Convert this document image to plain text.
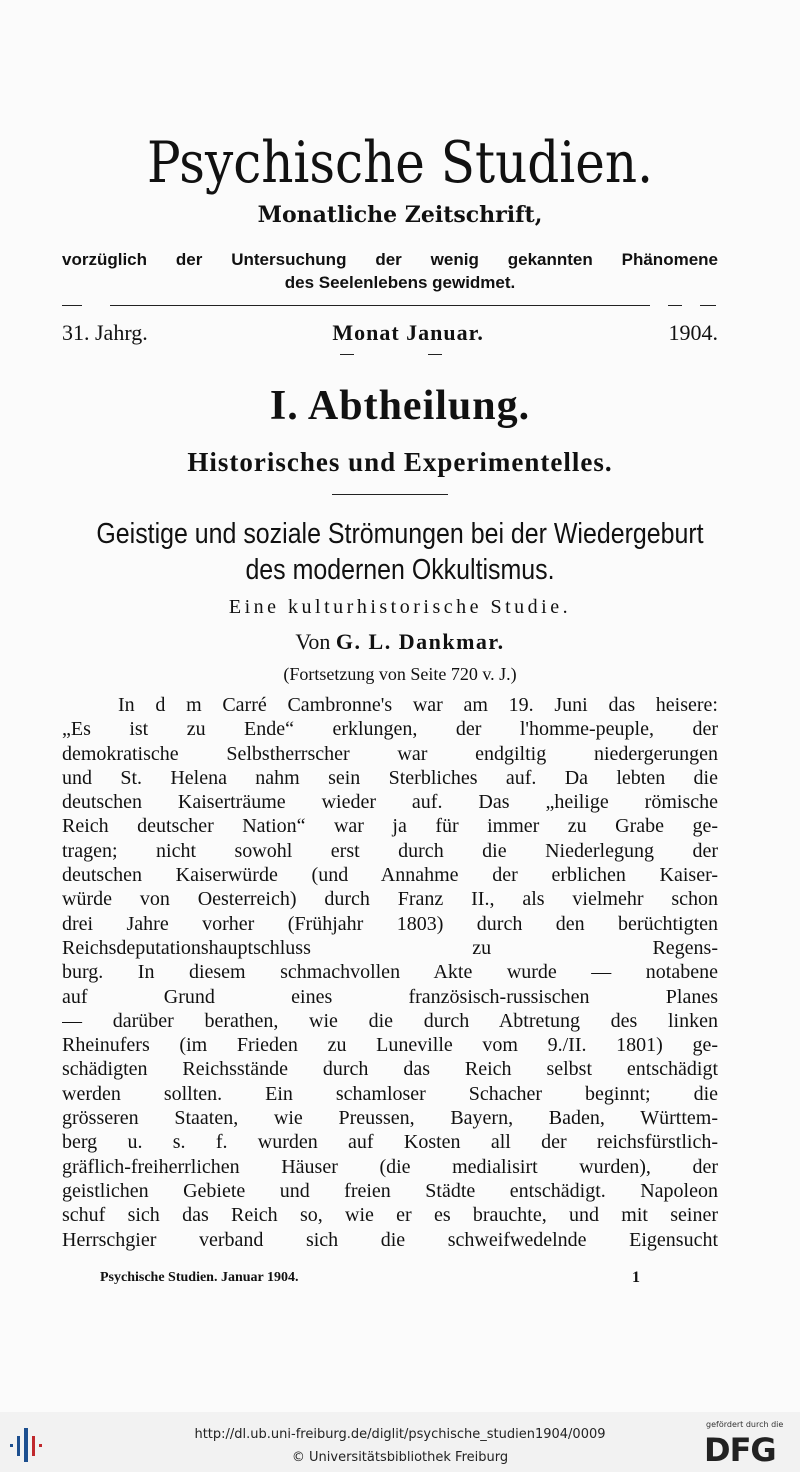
Psychische Studien.
Monatliche Zeitschrift,
vorzüglich der Untersuchung der wenig gekannten Phänomene
des Seelenlebens gewidmet.
31. Jahrg.	Monat Januar.	1904.
I. Abtheilung.
Historisches und Experimentelles.
Geistige und soziale Strömungen bei der Wiedergeburt
des modernen Okkultismus.
Eine kulturhistorische Studie.
Von G. L. Dankmar.
(Fortsetzung von Seite 720 v. J.)
In d m Carré Cambronne's war am 19. Juni das heisere:
„Es ist zu Ende“ erklungen, der l'homme-peuple, der
demokratische Selbstherrscher war endgiltig niedergerungen
und St. Helena nahm sein Sterbliches auf. Da lebten die
deutschen Kaiserträume wieder auf. Das „heilige römische
Reich deutscher Nation“ war ja für immer zu Grabe ge-
tragen; nicht sowohl erst durch die Niederlegung der
deutschen Kaiserwürde (und Annahme der erblichen Kaiser-
würde von Oesterreich) durch Franz II., als vielmehr schon
drei Jahre vorher (Frühjahr 1803) durch den berüchtigten
Reichsdeputationshauptschluss zu Regens-
burg. In diesem schmachvollen Akte wurde — notabene
auf Grund eines französisch-russischen Planes
— darüber berathen, wie die durch Abtretung des linken
Rheinufers (im Frieden zu Luneville vom 9./II. 1801) ge-
schädigten Reichsstände durch das Reich selbst entschädigt
werden sollten. Ein schamloser Schacher beginnt; die
grösseren Staaten, wie Preussen, Bayern, Baden, Württem-
berg u. s. f. wurden auf Kosten all der reichsfürstlich-
gräflich-freiherrlichen Häuser (die medialisirt wurden), der
geistlichen Gebiete und freien Städte entschädigt. Napoleon
schuf sich das Reich so, wie er es brauchte, und mit seiner
Herrschgier verband sich die schweifwedelnde Eigensucht
Psychische Studien. Januar 1904.	1
http://dl.ub.uni-freiburg.de/diglit/psychische_studien1904/0009
© Universitätsbibliothek Freiburg
gefördert durch die
DFG
